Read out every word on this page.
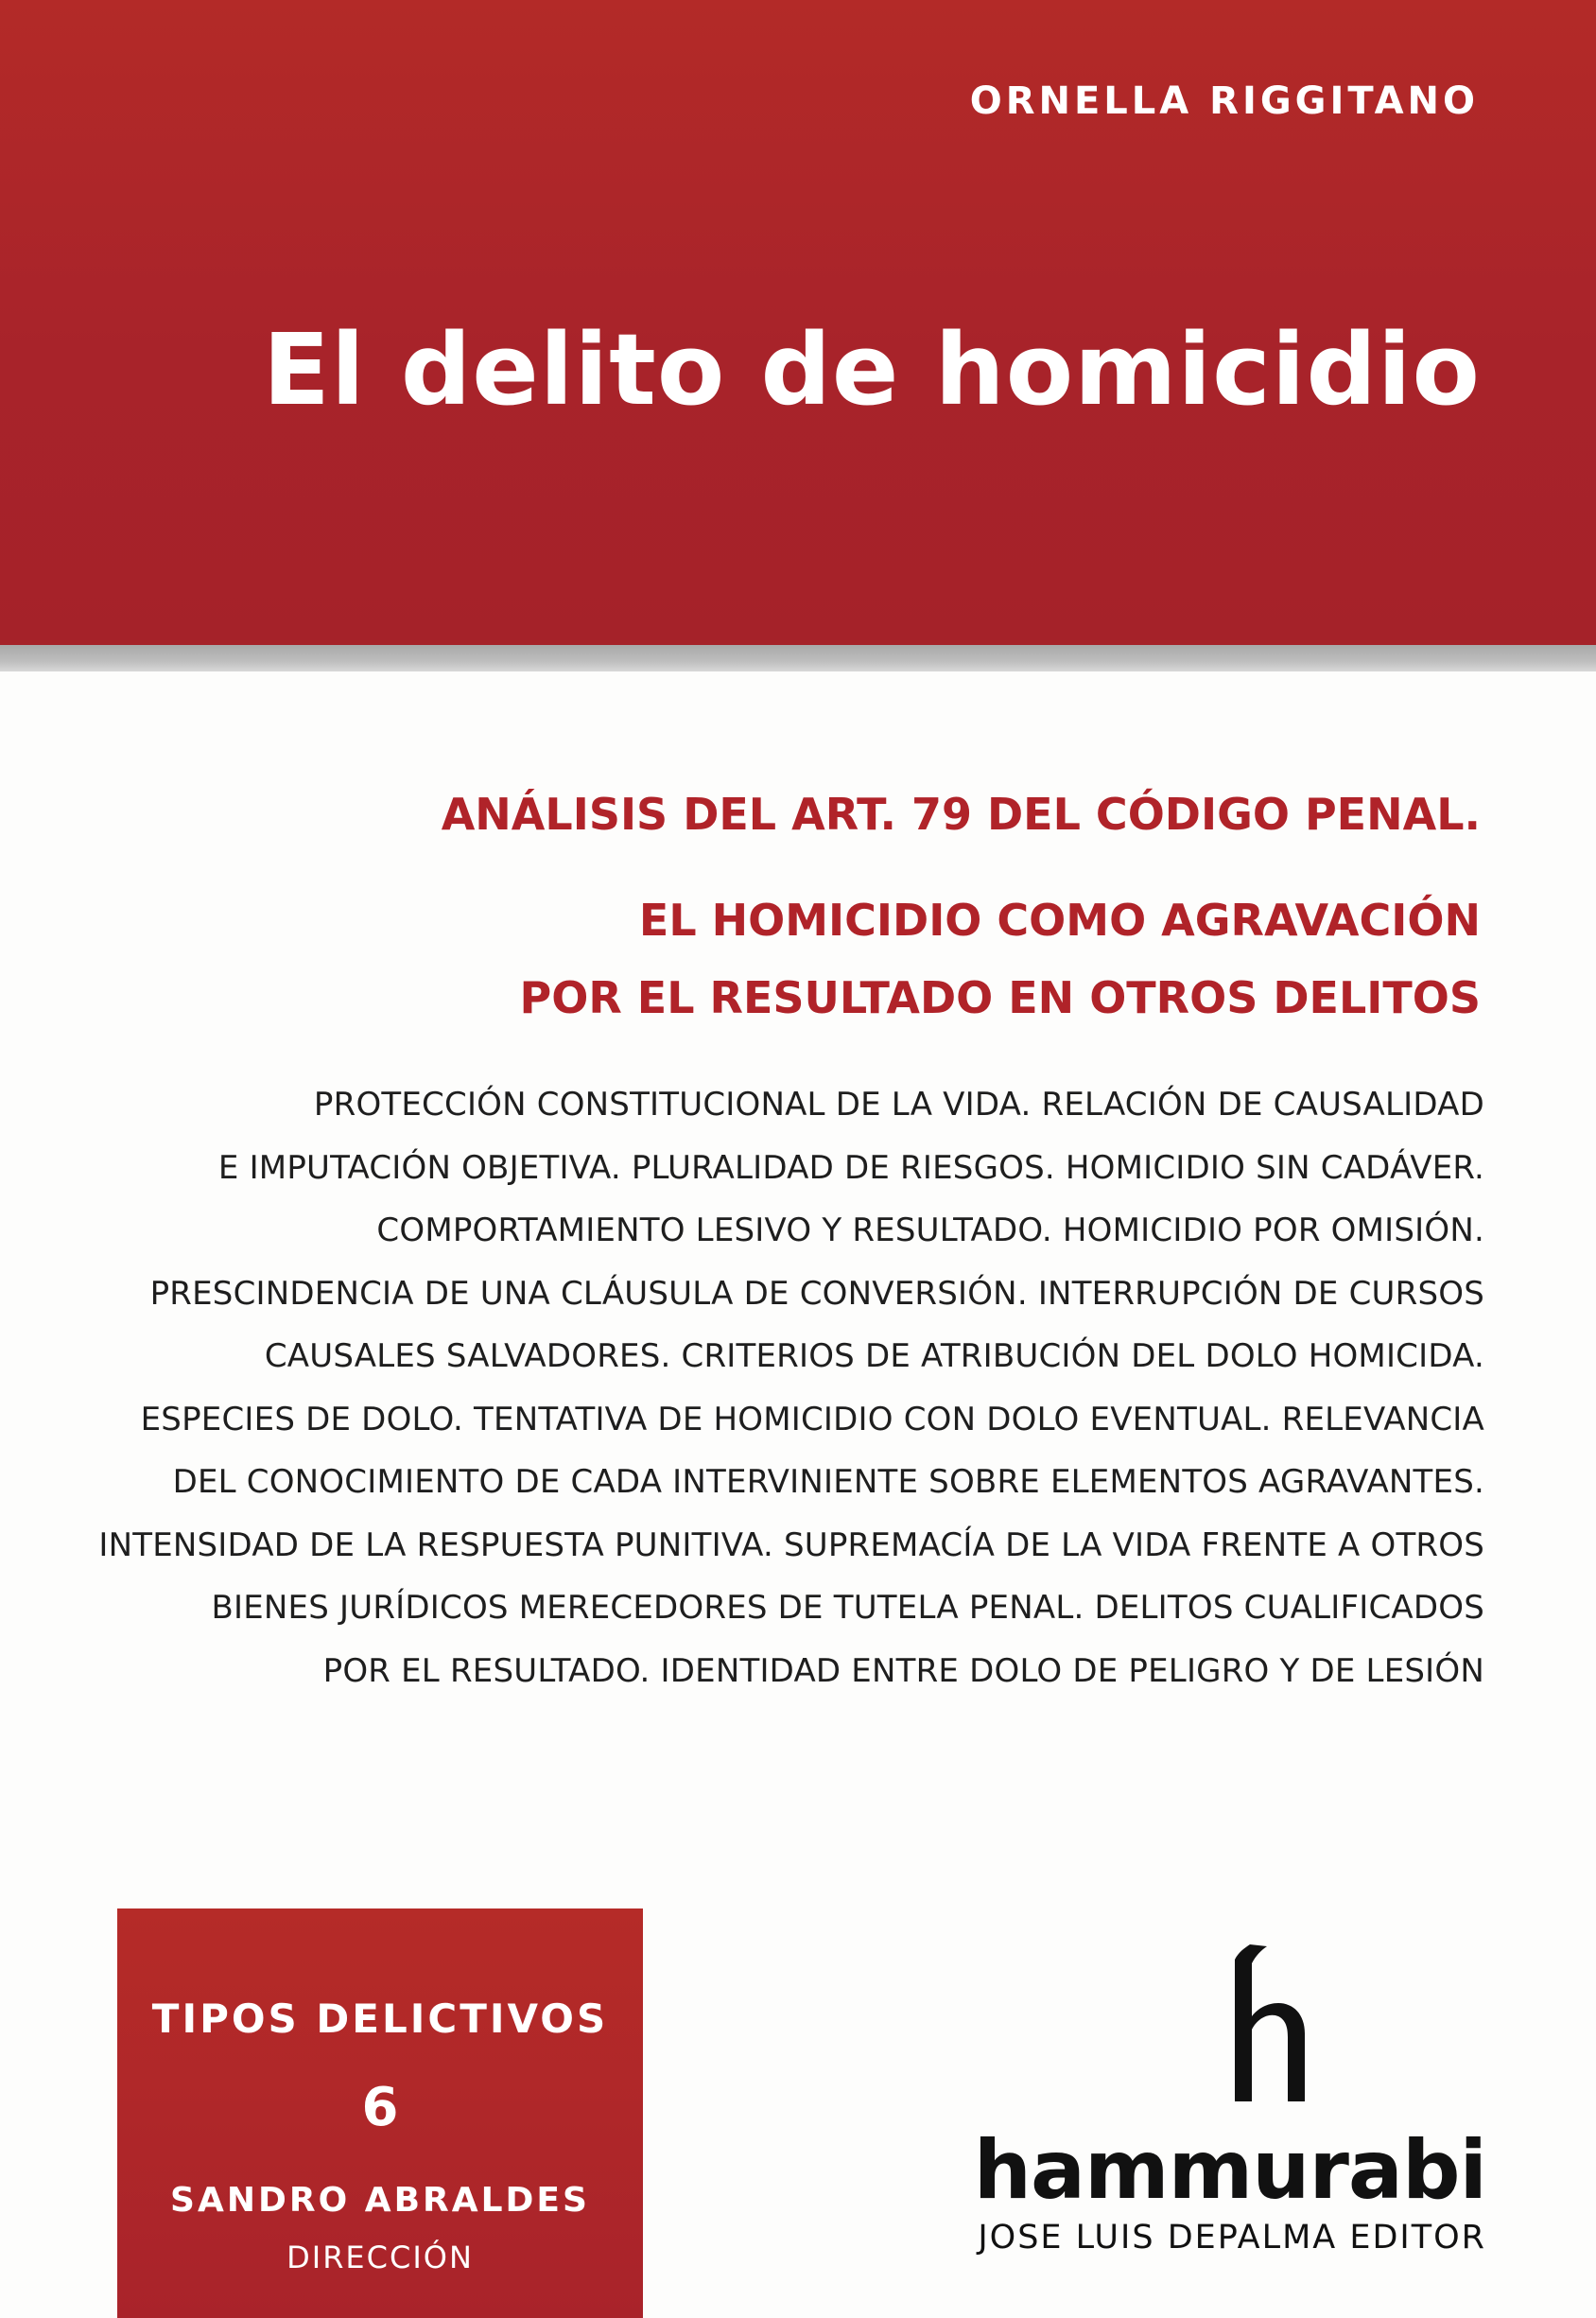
ORNELLA RIGGITANO
El delito de homicidio
ANÁLISIS DEL ART. 79 DEL CÓDIGO PENAL.
EL HOMICIDIO COMO AGRAVACIÓN
POR EL RESULTADO EN OTROS DELITOS
PROTECCIÓN CONSTITUCIONAL DE LA VIDA. RELACIÓN DE CAUSALIDAD
E IMPUTACIÓN OBJETIVA. PLURALIDAD DE RIESGOS. HOMICIDIO SIN CADÁVER.
COMPORTAMIENTO LESIVO Y RESULTADO. HOMICIDIO POR OMISIÓN.
PRESCINDENCIA DE UNA CLÁUSULA DE CONVERSIÓN. INTERRUPCIÓN DE CURSOS
CAUSALES SALVADORES. CRITERIOS DE ATRIBUCIÓN DEL DOLO HOMICIDA.
ESPECIES DE DOLO. TENTATIVA DE HOMICIDIO CON DOLO EVENTUAL. RELEVANCIA
DEL CONOCIMIENTO DE CADA INTERVINIENTE SOBRE ELEMENTOS AGRAVANTES.
INTENSIDAD DE LA RESPUESTA PUNITIVA. SUPREMACÍA DE LA VIDA FRENTE A OTROS
BIENES JURÍDICOS MERECEDORES DE TUTELA PENAL. DELITOS CUALIFICADOS
POR EL RESULTADO. IDENTIDAD ENTRE DOLO DE PELIGRO Y DE LESIÓN
TIPOS DELICTIVOS
6
SANDRO ABRALDES
DIRECCIÓN
hammurabi
JOSE LUIS DEPALMA EDITOR
